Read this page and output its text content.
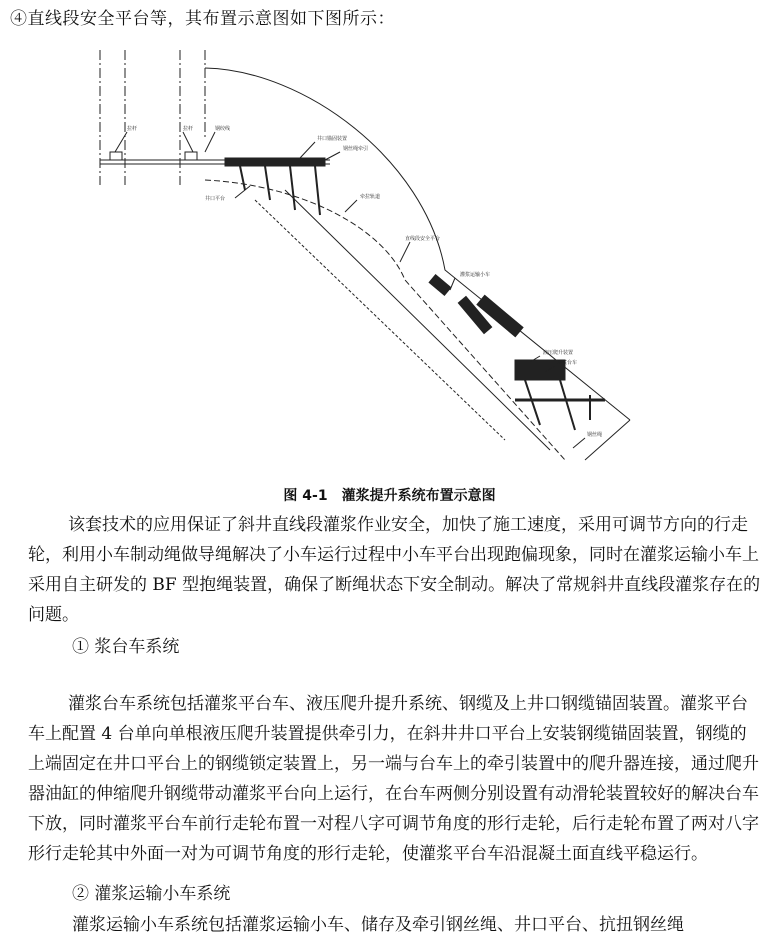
④直线段安全平台等，其布置示意图如下图所示：
拉杆	拉杆	钢绞线
井口锚固装置
钢丝绳牵引
井口平台	牵拉轨道
直线段安全平台
灌浆运输小车
液压爬升装置
灌浆台车
钢丝绳
图 4-1　灌浆提升系统布置示意图
该套技术的应用保证了斜井直线段灌浆作业安全，加快了施工速度，采用可调节方向的行走轮，利用小车制动绳做导绳解决了小车运行过程中小车平台出现跑偏现象，同时在灌浆运输小车上采用自主研发的 BF 型抱绳装置，确保了断绳状态下安全制动。解决了常规斜井直线段灌浆存在的问题。
① 浆台车系统
灌浆台车系统包括灌浆平台车、液压爬升提升系统、钢缆及上井口钢缆锚固装置。灌浆平台车上配置 4 台单向单根液压爬升装置提供牵引力，在斜井井口平台上安装钢缆锚固装置，钢缆的上端固定在井口平台上的钢缆锁定装置上，另一端与台车上的牵引装置中的爬升器连接，通过爬升器油缸的伸缩爬升钢缆带动灌浆平台向上运行，在台车两侧分别设置有动滑轮装置较好的解决台车下放，同时灌浆平台车前行走轮布置一对程八字可调节角度的形行走轮，后行走轮布置了两对八字形行走轮其中外面一对为可调节角度的形行走轮，使灌浆平台车沿混凝土面直线平稳运行。
② 灌浆运输小车系统
灌浆运输小车系统包括灌浆运输小车、储存及牵引钢丝绳、井口平台、抗扭钢丝绳
